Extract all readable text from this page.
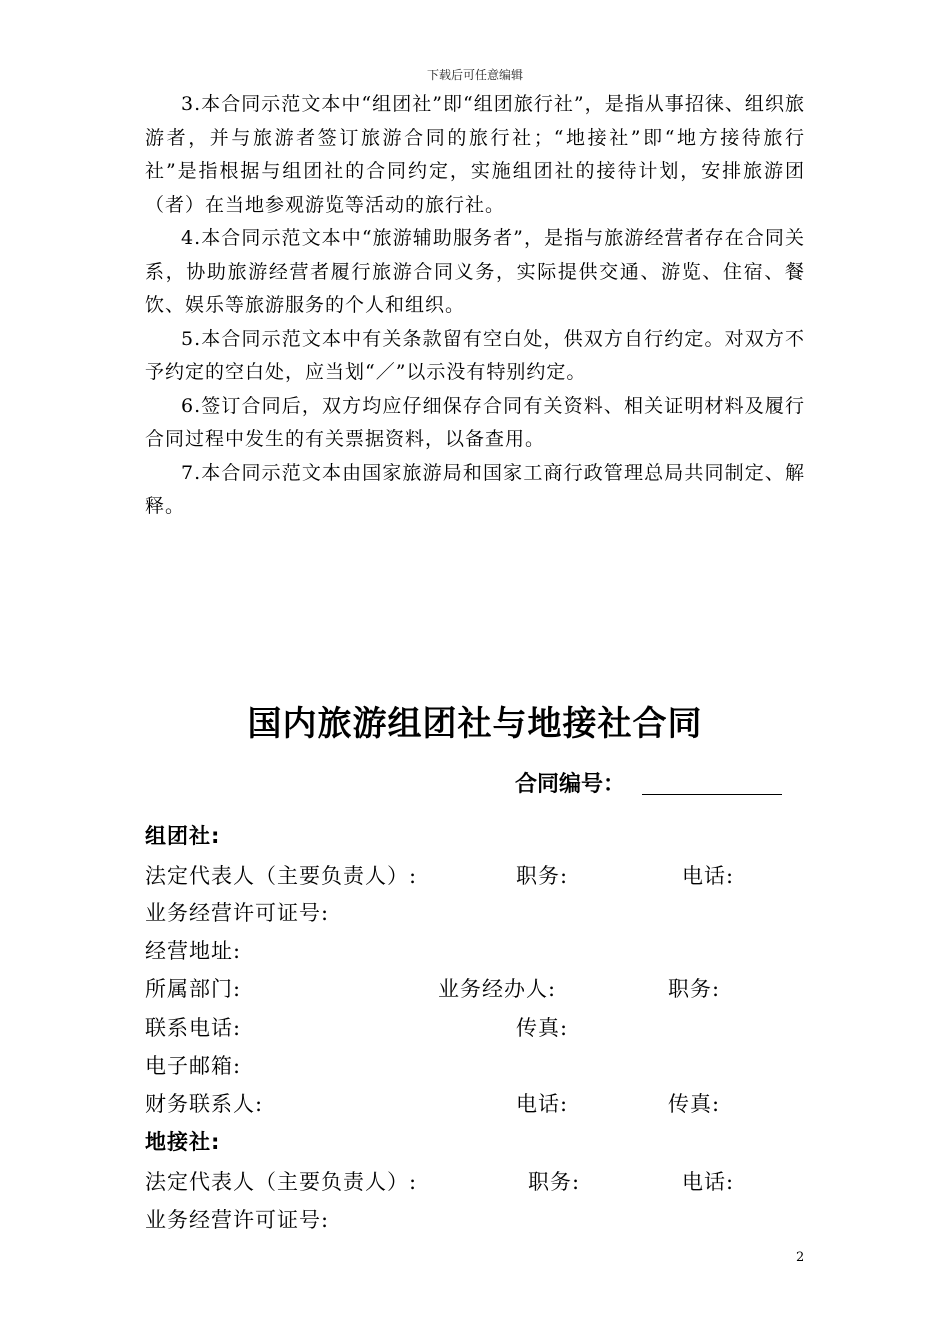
下载后可任意编辑

3.本合同示范文本中“组团社”即“组团旅行社”，是指从事招徕、组织旅游者，并与旅游者签订旅游合同的旅行社；“地接社”即“地方接待旅行社”是指根据与组团社的合同约定，实施组团社的接待计划，安排旅游团（者）在当地参观游览等活动的旅行社。

4.本合同示范文本中“旅游辅助服务者”，是指与旅游经营者存在合同关系，协助旅游经营者履行旅游合同义务，实际提供交通、游览、住宿、餐饮、娱乐等旅游服务的个人和组织。

5.本合同示范文本中有关条款留有空白处，供双方自行约定。对双方不予约定的空白处，应当划“／”以示没有特别约定。

6.签订合同后，双方均应仔细保存合同有关资料、相关证明材料及履行合同过程中发生的有关票据资料，以备查用。

7.本合同示范文本由国家旅游局和国家工商行政管理总局共同制定、解释。

国内旅游组团社与地接社合同
合同编号：
组团社:
法定代表人（主要负责人）:	职务:	电话:
业务经营许可证号:
经营地址:
所属部门:	业务经办人:	职务:
联系电话:	传真:
电子邮箱:
财务联系人:	电话:	传真:
地接社:
法定代表人（主要负责人）:	职务:	电话:
业务经营许可证号:
2
